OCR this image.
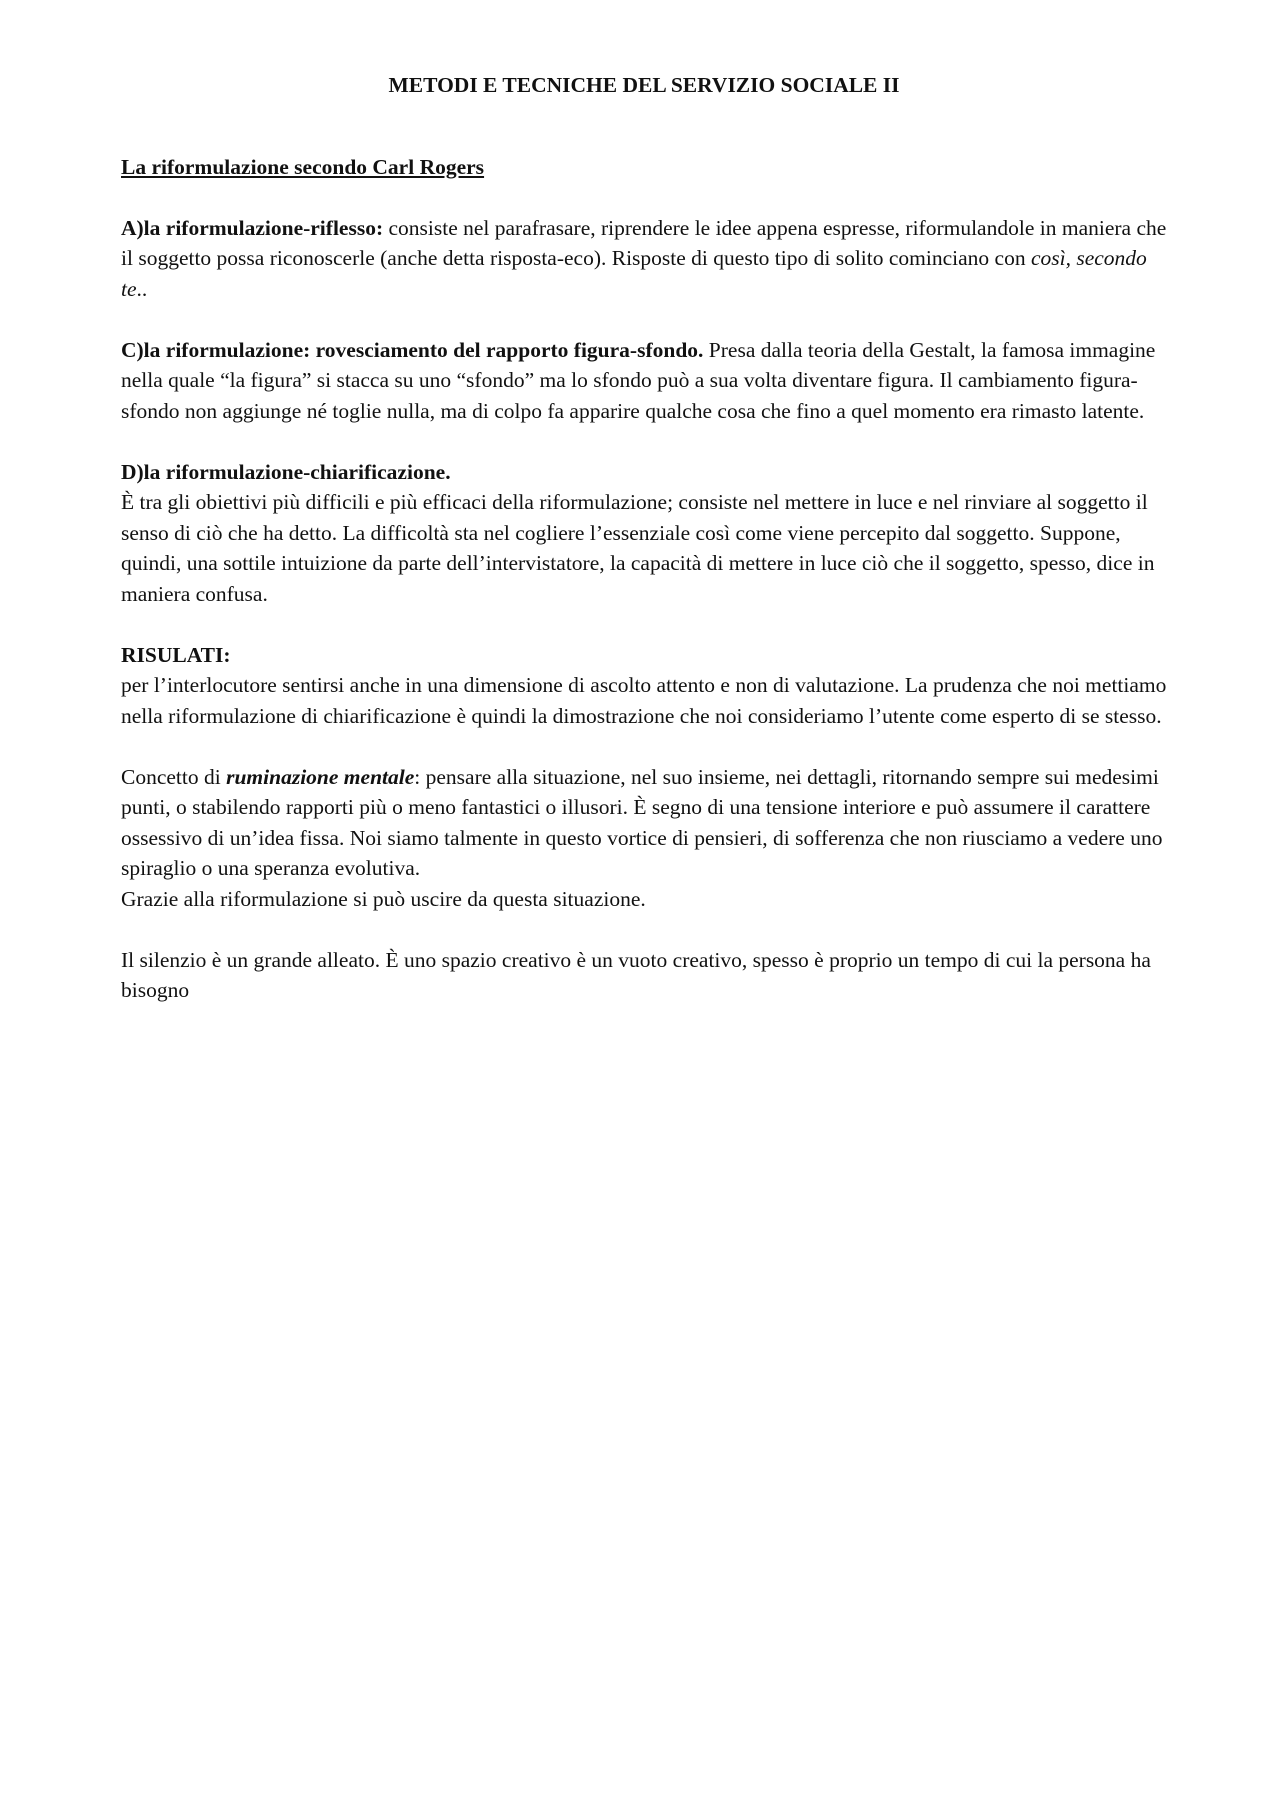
METODI E TECNICHE DEL SERVIZIO SOCIALE II
La riformulazione secondo Carl Rogers

A)la riformulazione-riflesso: consiste nel parafrasare, riprendere le idee appena espresse, riformulandole in maniera che il soggetto possa riconoscerle (anche detta risposta-eco). Risposte di questo tipo di solito cominciano con così, secondo te..

C)la riformulazione: rovesciamento del rapporto figura-sfondo. Presa dalla teoria della Gestalt, la famosa immagine nella quale “la figura” si stacca su uno “sfondo” ma lo sfondo può a sua volta diventare figura. Il cambiamento figura-sfondo non aggiunge né toglie nulla, ma di colpo fa apparire qualche cosa che fino a quel momento era rimasto latente.

D)la riformulazione-chiarificazione.

È tra gli obiettivi più difficili e più efficaci della riformulazione; consiste nel mettere in luce e nel rinviare al soggetto il senso di ciò che ha detto. La difficoltà sta nel cogliere l’essenziale così come viene percepito dal soggetto. Suppone, quindi, una sottile intuizione da parte dell’intervistatore, la capacità di mettere in luce ciò che il soggetto, spesso, dice in maniera confusa.

RISULATI:

per l’interlocutore sentirsi anche in una dimensione di ascolto attento e non di valutazione. La prudenza che noi mettiamo nella riformulazione di chiarificazione è quindi la dimostrazione che noi consideriamo l’utente come esperto di se stesso.

Concetto di ruminazione mentale: pensare alla situazione, nel suo insieme, nei dettagli, ritornando sempre sui medesimi punti, o stabilendo rapporti più o meno fantastici o illusori. È segno di una tensione interiore e può assumere il carattere ossessivo di un’idea fissa. Noi siamo talmente in questo vortice di pensieri, di sofferenza che non riusciamo a vedere uno spiraglio o una speranza evolutiva.

Grazie alla riformulazione si può uscire da questa situazione.

Il silenzio è un grande alleato. È uno spazio creativo è un vuoto creativo, spesso è proprio un tempo di cui la persona ha bisogno
